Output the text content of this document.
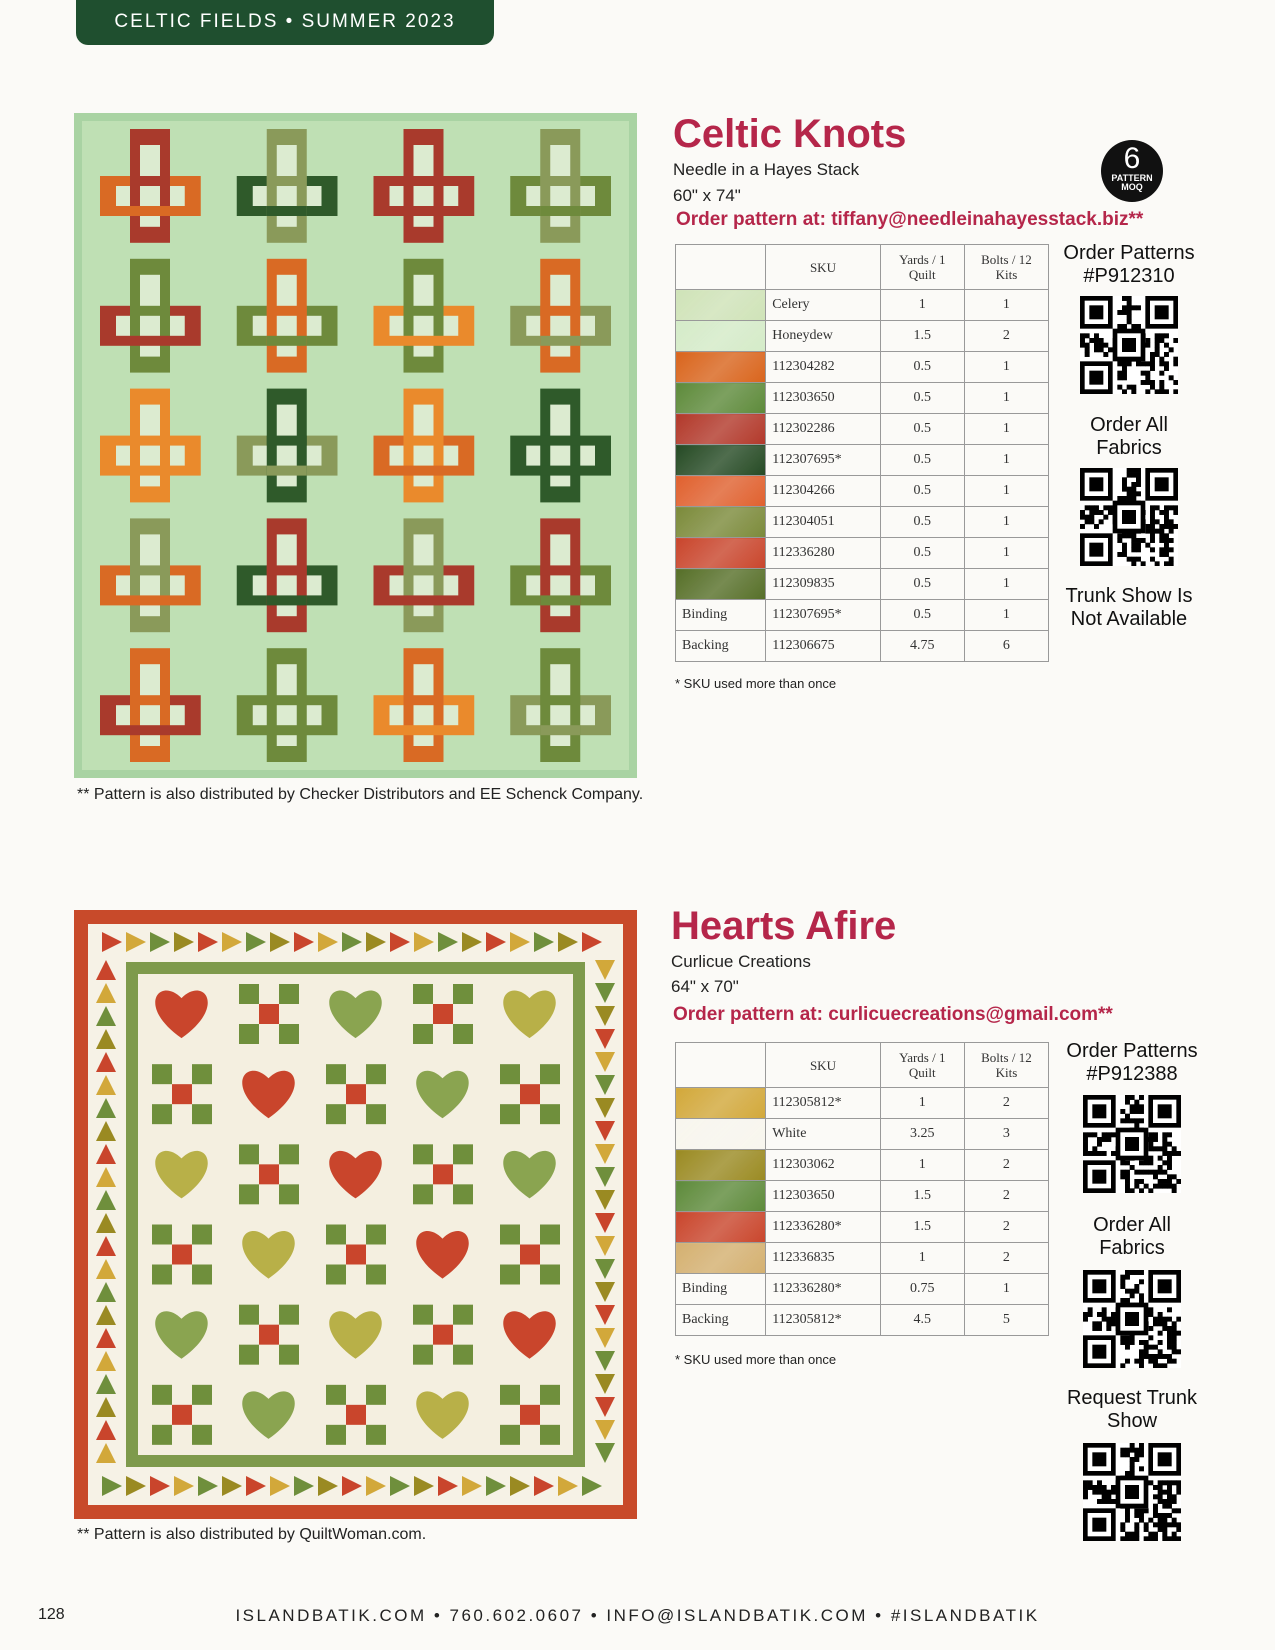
CELTIC FIELDS • SUMMER 2023
Celtic Knots
Needle in a Hayes Stack
60" x 74"
Order pattern at: tiffany@needleinahayesstack.biz**
6
PATTERN MOQ
	SKU	Yards / 1 Quilt	Bolts / 12 Kits
	Celery	1	1
	Honeydew	1.5	2
	112304282	0.5	1
	112303650	0.5	1
	112302286	0.5	1
	112307695*	0.5	1
	112304266	0.5	1
	112304051	0.5	1
	112336280	0.5	1
	112309835	0.5	1
Binding	112307695*	0.5	1
Backing	112306675	4.75	6
* SKU used more than once
** Pattern is also distributed by Checker Distributors and EE Schenck Company.
Order Patterns
#P912310
Order All Fabrics
Trunk Show Is Not Available
Hearts Afire
Curlicue Creations
64" x 70"
Order pattern at: curlicuecreations@gmail.com**
	SKU	Yards / 1 Quilt	Bolts / 12 Kits
	112305812*	1	2
	White	3.25	3
	112303062	1	2
	112303650	1.5	2
	112336280*	1.5	2
	112336835	1	2
Binding	112336280*	0.75	1
Backing	112305812*	4.5	5
* SKU used more than once
** Pattern is also distributed by QuiltWoman.com.
Order Patterns
#P912388
Order All Fabrics
Request Trunk Show
128	ISLANDBATIK.COM • 760.602.0607 • INFO@ISLANDBATIK.COM • #ISLANDBATIK
